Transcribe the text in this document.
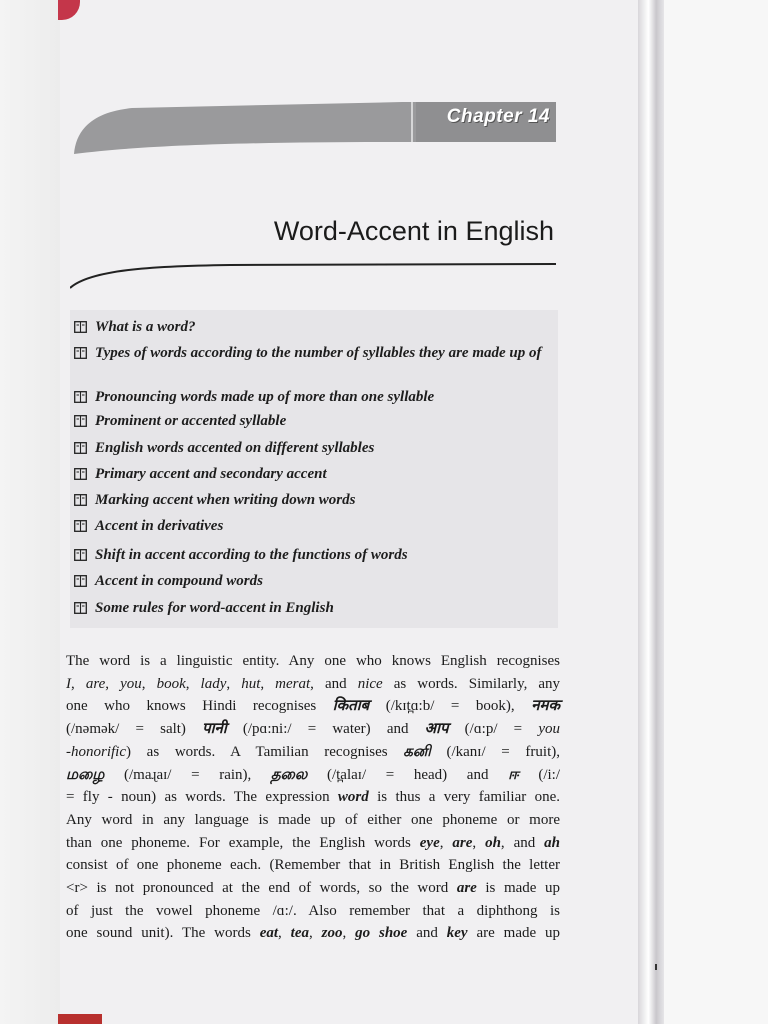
Chapter 14
Word-Accent in English
What is a word?
Types of words according to the number of syllables they are made up of
Pronouncing words made up of more than one syllable
Prominent or accented syllable
English words accented on different syllables
Primary accent and secondary accent
Marking accent when writing down words
Accent in derivatives
Shift in accent according to the functions of words
Accent in compound words
Some rules for word-accent in English
The word is a linguistic entity. Any one who knows English recognises
I, are, you, book, lady, hut, merat, and nice as words. Similarly, any
one who knows Hindi recognises किताब (/kɪt̪ɑ:b/ = book), नमक
(/nəmək/ = salt) पानी (/pɑ:ni:/ = water) and आप (/ɑ:p/ = you
-honorific) as words. A Tamilian recognises கனி (/kanɪ/ = fruit),
மழை (/maɻaɪ/ = rain), தலை (/t̪alaɪ/ = head) and ஈ (/i:/
= fly - noun) as words. The expression word is thus a very familiar one.
Any word in any language is made up of either one phoneme or more
than one phoneme. For example, the English words eye, are, oh, and ah
consist of one phoneme each. (Remember that in British English the letter
<r> is not pronounced at the end of words, so the word are is made up
of just the vowel phoneme /ɑ:/. Also remember that a diphthong is
one sound unit). The words eat, tea, zoo, go shoe and key are made up
